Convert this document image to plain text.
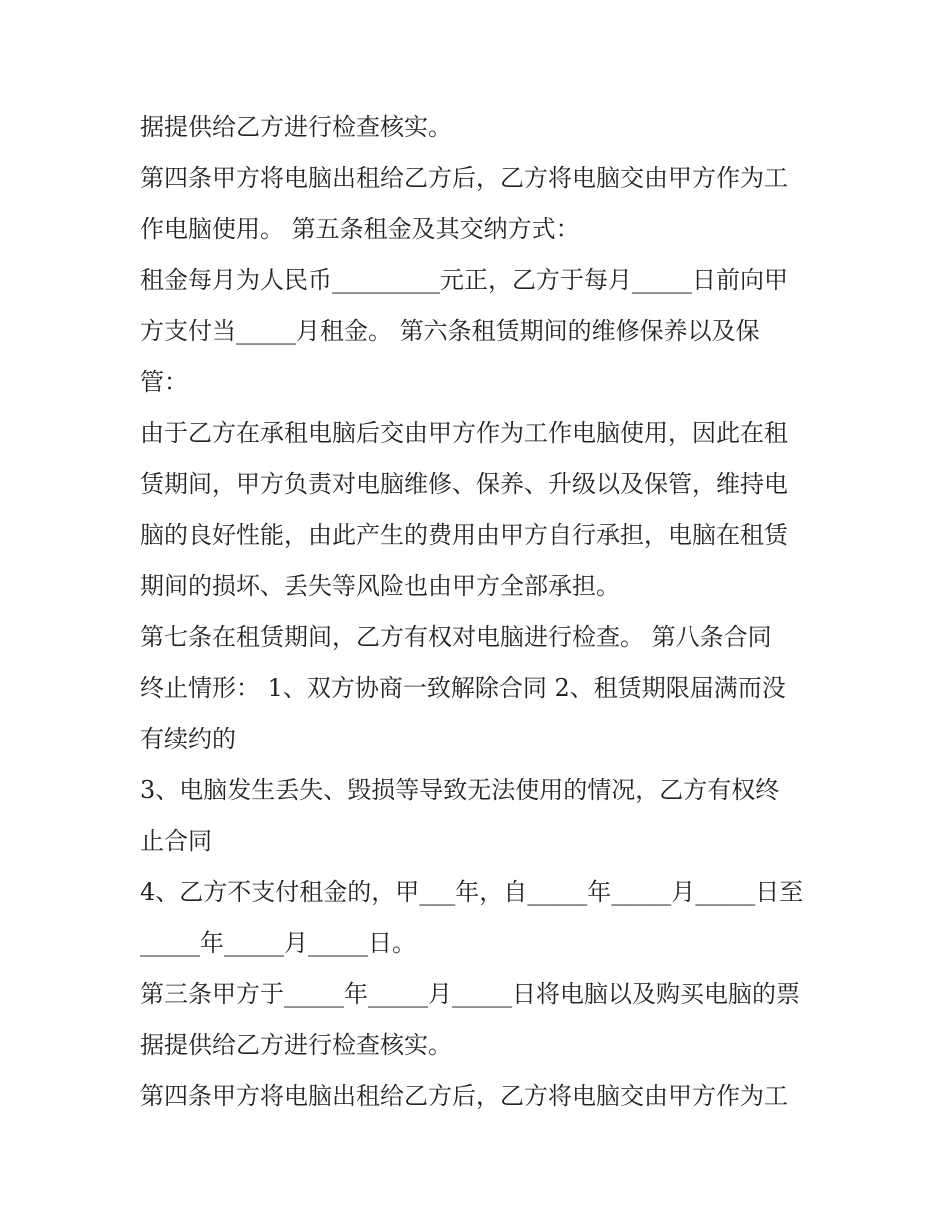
据提供给乙方进行检查核实。
第四条甲方将电脑出租给乙方后，乙方将电脑交由甲方作为工
作电脑使用。 第五条租金及其交纳方式：
租金每月为人民币_________元正，乙方于每月_____日前向甲
方支付当_____月租金。 第六条租赁期间的维修保养以及保
管：
由于乙方在承租电脑后交由甲方作为工作电脑使用，因此在租
赁期间，甲方负责对电脑维修、保养、升级以及保管，维持电
脑的良好性能，由此产生的费用由甲方自行承担，电脑在租赁
期间的损坏、丢失等风险也由甲方全部承担。
第七条在租赁期间，乙方有权对电脑进行检查。 第八条合同
终止情形： 1、双方协商一致解除合同 2、租赁期限届满而没
有续约的
3、电脑发生丢失、毁损等导致无法使用的情况，乙方有权终
止合同
4、乙方不支付租金的，甲___年，自_____年_____月_____日至
_____年_____月_____日。
第三条甲方于_____年_____月_____日将电脑以及购买电脑的票
据提供给乙方进行检查核实。
第四条甲方将电脑出租给乙方后，乙方将电脑交由甲方作为工
